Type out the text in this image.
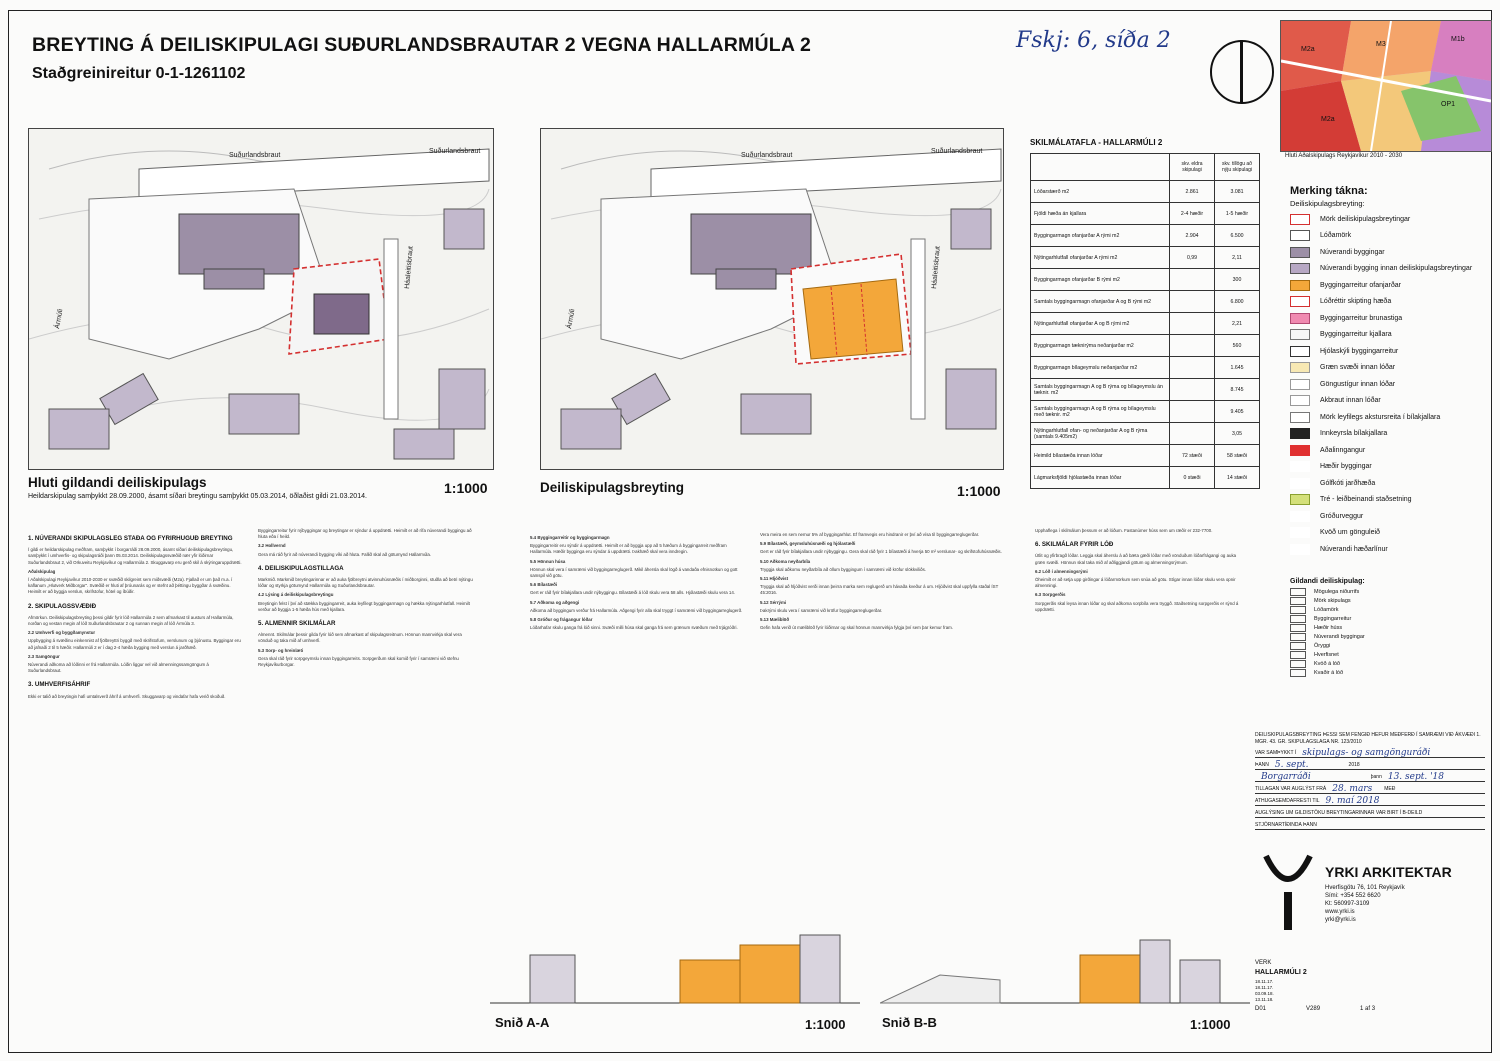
BREYTING Á DEILISKIPULAGI SUÐURLANDSBRAUTAR 2 VEGNA HALLARMÚLA 2
Staðgreinireitur 0-1-1261102
Fskj: 6, síða 2
Suðurlandsbraut
Suðurlandsbraut
Háaleitisbraut
Ármúli
Hluti gildandi deiliskipulags
Heildarskipulag samþykkt 28.09.2000, ásamt síðari breytingu samþykkt 05.03.2014, öðlaðist gildi 21.03.2014.
1:1000
Suðurlandsbraut
Suðurlandsbraut
Háaleitisbraut
Ármúli
Deiliskipulagsbreyting	1:1000
SKILMÁLATAFLA - HALLARMÚLI 2
	skv. eldra skipulagi	skv. tillögu að nýju skipulagi
Lóðarstærð m2	2.861	3.081
Fjöldi hæða án kjallara	2-4 hæðir	1-5 hæðir
Byggingarmagn ofanjarðar A rými m2	2.904	6.500
Nýtingarhlutfall ofanjarðar A rými m2	0,99	2,11
Byggingarmagn ofanjarðar B rými m2		300
Samtals byggingarmagn ofanjarðar A og B rými m2		6.800
Nýtingarhlutfall ofanjarðar A og B rými m2		2,21
Byggingarmagn tæknirýma neðanjarðar m2		560
Byggingarmagn bílageymslu neðanjarðar m2		1.645
Samtals byggingarmagn A og B rýma og bílageymslu án tæknir. m2		8.745
Samtals byggingarmagn A og B rýma og bílageymslu með tæknir. m2		9.405
Nýtingarhlutfall ofan- og neðanjarðar A og B rýma (samtals 9.405m2)		3,05
Heimild bílastæða innan lóðar	72 stæði	58 stæði
Lágmarksfjöldi hjólastæða innan lóðar	0 stæði	14 stæði
M2a
M3
M2a
OP1
M1b
Hluti Aðalskipulags Reykjavíkur 2010 - 2030
Merking tákna:
Deiliskipulagsbreyting:
Mörk deiliskipulagsbreytingar
Lóðamörk
Núverandi byggingar
Núverandi bygging innan deiliskipulagsbreytingar
Byggingarreitur ofanjarðar
Lóðréttir skipting hæða
Byggingarreitur brunastiga
Byggingarreitur kjallara
Hjólaskýli byggingarreitur
Græn svæði innan lóðar
Göngustígur innan lóðar
Akbraut innan lóðar
Mörk leyfilegs akstursreita í bílakjallara
Innkeyrsla bílakjallara
Aðalinngangur
Hæðir byggingar
Gólfkóti jarðhæða
Tré - leiðbeinandi staðsetning
Gróðurveggur
Kvöð um gönguleið
Núverandi hæðarlínur
Gildandi deiliskipulag:
Mögulega niðurrifs
Mörk skipulags
Lóðamörk
Byggingarreitur
Hæðir húss
Núverandi byggingar
Öryggi
Hverfisnet
Kvöð á lóð
Kvaðir á lóð
1. NÚVERANDI SKIPULAGSLEG STAÐA OG FYRIRHUGUÐ BREYTING
Í gildi er heildarskipulag meðfram, samþykkt í borgarráði 28.09.2000, ásamt síðari deiliskipulagsbreytingu, samþykkt í umhverfis- og skipulagsráði þann 05.03.2014. Deiliskipulagssvæðið nær yfir lóðirnar Suðurlandsbraut 2, við Orkuveitu Reykjavíkur og Hallarmúla 2. Skuggavarp eru gerð skil á skýringaruppdrætti.
Aðalskipulag
Í Aðalskipulagi Reykjavíkur 2010-2030 er svæðið skilgreint sem miðsvæði (M2a). Fjallað er um það m.a. í kaflanum „Hlutverk Miðborgar“. Svæðið er hluti af þróunarás og er stefnt að þéttingu byggðar á svæðinu. Heimilt er að byggja verslun, skrifstofur, hótel og íbúðir.
2. SKIPULAGSSVÆÐIÐ
Afmörkun. Deiliskipulagsbreyting þessi gildir fyrir lóð Hallarmúla 2 sem afmarkast til austurs af Hallarmúla, norðan og vestan megin af lóð Suðurlandsbrautar 2 og sunnan megin af lóð Ármúla 3.
2.2 Umhverfi og byggðamynstur
Uppbygging á svæðinu einkennist af fjölbreyttri byggð með skrifstofum, verslunum og þjónustu. Byggingar eru að jafnaði 2 til 5 hæðir. Hallarmúli 2 er í dag 2-4 hæða bygging með verslun á jarðhæð.
2.3 Samgöngur
Núverandi aðkoma að lóðinni er frá Hallarmúla. Lóðin liggur vel við almenningssamgöngum á Suðurlandsbraut.
3. UMHVERFISÁHRIF
Ekki er talið að breytingin hafi umtalsverð áhrif á umhverfi. Skuggavarp og vindafar hafa verið skoðuð.
Byggingarreitur fyrir nýbyggingar og breytingar er sýndur á uppdrætti. Heimilt er að rífa núverandi byggingu að hluta eða í heild.
3.2 Hollvernd
Gera má ráð fyrir að núverandi bygging víki að hluta. Fallið skal að götumynd Hallarmúla.
4. DEILISKIPULAGSTILLAGA
Markmið. Markmið breytingarinnar er að auka fjölbreytni atvinnuhúsnæðis í miðborginni, stuðla að betri nýtingu lóðar og styrkja götumynd Hallarmúla og Suðurlandsbrautar.
4.2 Lýsing á deiliskipulagsbreytingu
Breytingin felst í því að stækka byggingarreit, auka leyfilegt byggingarmagn og hækka nýtingarhlutfall. Heimilt verður að byggja 1-5 hæða hús með kjallara.
5. ALMENNIR SKILMÁLAR
Almennt. Skilmálar þessir gilda fyrir lóð sem afmarkast af skipulagsreitnum. Hönnun mannvirkja skal vera vönduð og taka mið af umhverfi.
5.3 Sorp- og hreinlæti
Gera skal ráð fyrir sorpgeymslu innan byggingarreits. Sorpgerðum skal komið fyrir í samræmi við stefnu Reykjavíkurborgar.
5.4 Byggingarreitir og byggingarmagn
Byggingarreitir eru sýndir á uppdrætti. Heimilt er að byggja upp að 5 hæðum á byggingarreit meðfram Hallarmúla. Hæðir bygginga eru sýndar á uppdrætti. Þakhæð skal vera inndregin.
5.5 Hönnun húsa
Hönnun skal vera í samræmi við byggingarreglugerð. Mikil áhersla skal lögð á vandaða efnisnotkun og gott samspil við götu.
5.6 Bílastæði
Gert er ráð fyrir bílakjallara undir nýbyggingu. Bílastæði á lóð skulu vera 58 alls. Hjólastæði skulu vera 14.
5.7 Aðkoma og aðgengi
Aðkoma að byggingum verður frá Hallarmúla. Aðgengi fyrir alla skal tryggt í samræmi við byggingarreglugerð.
5.8 Gróður og frágangur lóðar
Lóðarhafar skulu ganga frá lóð sinni. Svæði milli húsa skal ganga frá sem grænum svæðum með trjágróðri.
Vera meira en sem nemur 5% af byggingarhlut. Ef framvegis eru hindranir er því að vísa til byggingarreglugerðar.
5.9 Bílastæði, geymsluhúsnæði og hjólastæði
Gert er ráð fyrir bílakjallara undir nýbyggingu. Gera skal ráð fyrir 1 bílastæði á hverja 50 m² verslunar- og skrifstofuhúsnæðis.
5.10 Aðkoma neyðarbíla
Tryggja skal aðkomu neyðarbíla að öllum byggingum í samræmi við kröfur slökkviliðs.
5.11 Hljóðvist
Tryggja skal að hljóðvist verði innan þeirra marka sem reglugerð um hávaða kveður á um. Hljóðvist skal uppfylla staðal ÍST 45:2016.
5.12 Sérrými
Þakrými skulu vera í samræmi við kröfur byggingarreglugerðar.
5.13 Mæliblöð
Gefin hafa verið út mæliblöð fyrir lóðirnar og skal hönnun mannvirkja fylgja því sem þar kemur fram.
Upphaflega í skilmálum þessum er að lóðum. Fastanúmer húss sem um ræðir er 232-7700.
6. SKILMÁLAR FYRIR LÓÐ
Útlit og yfirbragð lóðar. Leggja skal áherslu á að bæta gæði lóðar með vönduðum lóðarfrágangi og auka græn svæði. Hönnun skal taka mið af aðliggjandi götum og almenningsrýmum.
6.2 Lóð í almenningsrými
Óheimilt er að setja upp girðingar á lóðarmörkum sem snúa að götu. Stígar innan lóðar skulu vera opnir almenningi.
6.3 Sorpgerðis
Sorpgerðis skal leysa innan lóðar og skal aðkoma sorpbíla vera tryggð. Staðsetning sorpgerðis er sýnd á uppdrætti.
Snið A-A	1:1000	Snið B-B	1:1000
DEILISKIPULAGSBREYTING ÞESSI SEM FENGIÐ HEFUR MEÐFERÐ Í SAMRÆMI VIÐ ÁKVÆÐI 1. MGR. 43. GR. SKIPULAGSLAGA NR. 123/2010
VAR SAMÞYKKT Í skipulags- og samgönguráði
ÞANN 5. sept.	2018
Borgarráði	þann 13. sept. '18
TILLAGAN VAR AUGLÝST FRÁ 28. mars MEÐ
ATHUGASEMDAFRESTI TIL 9. maí 2018
AUGLÝSING UM GILDISTÖKU BREYTINGARINNAR VAR BIRT Í B-DEILD
STJÓRNARTÍÐINDA ÞANN
YRKI ARKITEKTAR
Hverfisgötu 76, 101 Reykjavík
Sími: +354 552 6620
Kt: 560997-3109
www.yrki.is
yrki@yrki.is
VERK
HALLARMÚLI 2
18.11.17.
18.11.17.
03.09.18.
13.11.18.
D01	V289	1 af 3
